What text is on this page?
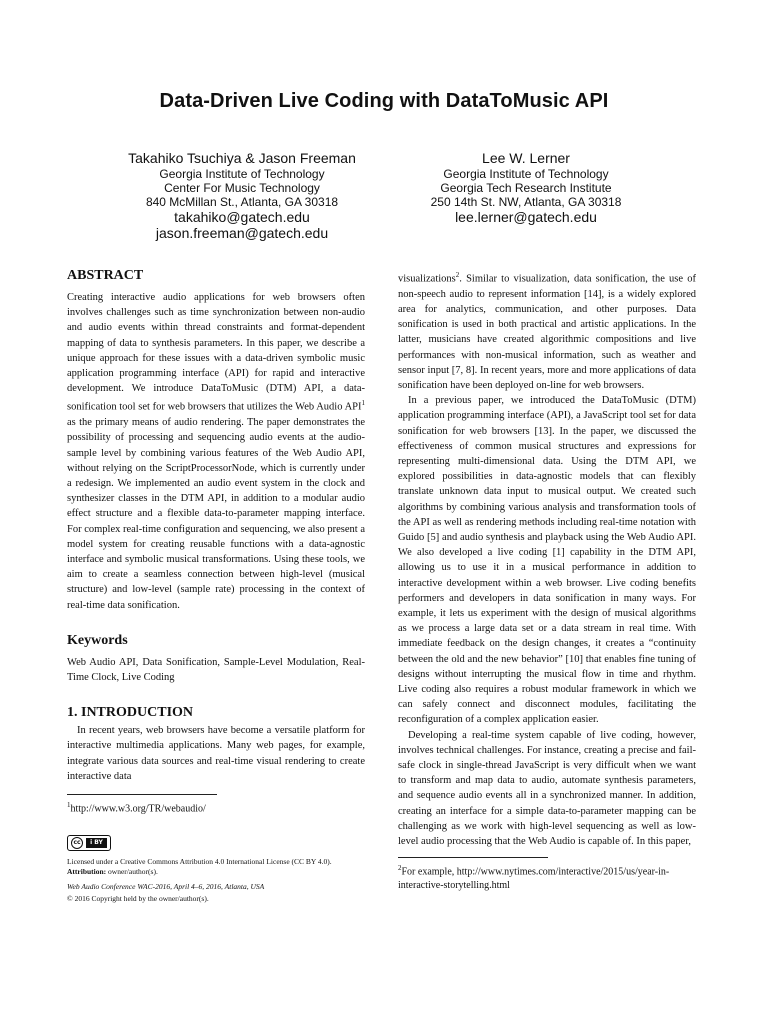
Data-Driven Live Coding with DataToMusic API
Takahiko Tsuchiya & Jason Freeman
Georgia Institute of Technology
Center For Music Technology
840 McMillan St., Atlanta, GA 30318
takahiko@gatech.edu
jason.freeman@gatech.edu
Lee W. Lerner
Georgia Institute of Technology
Georgia Tech Research Institute
250 14th St. NW, Atlanta, GA 30318
lee.lerner@gatech.edu
ABSTRACT

Creating interactive audio applications for web browsers often involves challenges such as time synchronization between non-audio and audio events within thread constraints and format-dependent mapping of data to synthesis parameters. In this paper, we describe a unique approach for these issues with a data-driven symbolic music application programming interface (API) for rapid and interactive development. We introduce DataToMusic (DTM) API, a data-sonification tool set for web browsers that utilizes the Web Audio API$^1$ as the primary means of audio rendering. The paper demonstrates the possibility of processing and sequencing audio events at the audio-sample level by combining various features of the Web Audio API, without relying on the ScriptProcessorNode, which is currently under a redesign. We implemented an audio event system in the clock and synthesizer classes in the DTM API, in addition to a modular audio effect structure and a flexible data-to-parameter mapping interface. For complex real-time configuration and sequencing, we also present a model system for creating reusable functions with a data-agnostic interface and symbolic musical transformations. Using these tools, we aim to create a seamless connection between high-level (musical structure) and low-level (sample rate) processing in the context of real-time data sonification.

Keywords

Web Audio API, Data Sonification, Sample-Level Modulation, Real-Time Clock, Live Coding

1. INTRODUCTION

In recent years, web browsers have become a versatile platform for interactive multimedia applications. Many web pages, for example, integrate various data sources and real-time visual rendering to create interactive data

$^1$http://www.w3.org/TR/webaudio/

cc	i BY

Licensed under a Creative Commons Attribution 4.0 International License (CC BY 4.0). Attribution: owner/author(s).

Web Audio Conference WAC-2016, April 4–6, 2016, Atlanta, USA

© 2016 Copyright held by the owner/author(s).

visualizations$^2$. Similar to visualization, data sonification, the use of non-speech audio to represent information [14], is a widely explored area for analytics, communication, and other purposes. Data sonification is used in both practical and artistic applications. In the latter, musicians have created algorithmic compositions and live performances with non-musical information, such as weather and sensor input [7, 8]. In recent years, more and more applications of data sonification have been deployed on-line for web browsers.

In a previous paper, we introduced the DataToMusic (DTM) application programming interface (API), a JavaScript tool set for data sonification for web browsers [13]. In the paper, we discussed the effectiveness of common musical structures and expressions for representing multi-dimensional data. Using the DTM API, we explored possibilities in data-agnostic models that can flexibly translate unknown data input to musical output. We created such algorithms by combining various analysis and transformation tools of the API as well as rendering methods including real-time notation with Guido [5] and audio synthesis and playback using the Web Audio API. We also developed a live coding [1] capability in the DTM API, allowing us to use it in a musical performance in addition to interactive development within a web browser. Live coding benefits performers and developers in data sonification in many ways. For example, it lets us experiment with the design of musical algorithms as we process a large data set or a data stream in real time. With immediate feedback on the design changes, it creates a “continuity between the old and the new behavior” [10] that enables fine tuning of designs without interrupting the musical flow in time and rhythm. Live coding also requires a robust modular framework in which we can safely connect and disconnect modules, facilitating the reconfiguration of a complex application easier.

Developing a real-time system capable of live coding, however, involves technical challenges. For instance, creating a precise and fail-safe clock in single-thread JavaScript is very difficult when we want to transform and map data to audio, automate synthesis parameters, and sequence audio events all in a synchronized manner. In addition, creating an interface for a simple data-to-parameter mapping can be challenging as we work with high-level sequencing as well as low-level audio processing that the Web Audio is capable of. In this paper,

$^2$For example, http://www.nytimes.com/interactive/2015/us/year-in-interactive-storytelling.html
